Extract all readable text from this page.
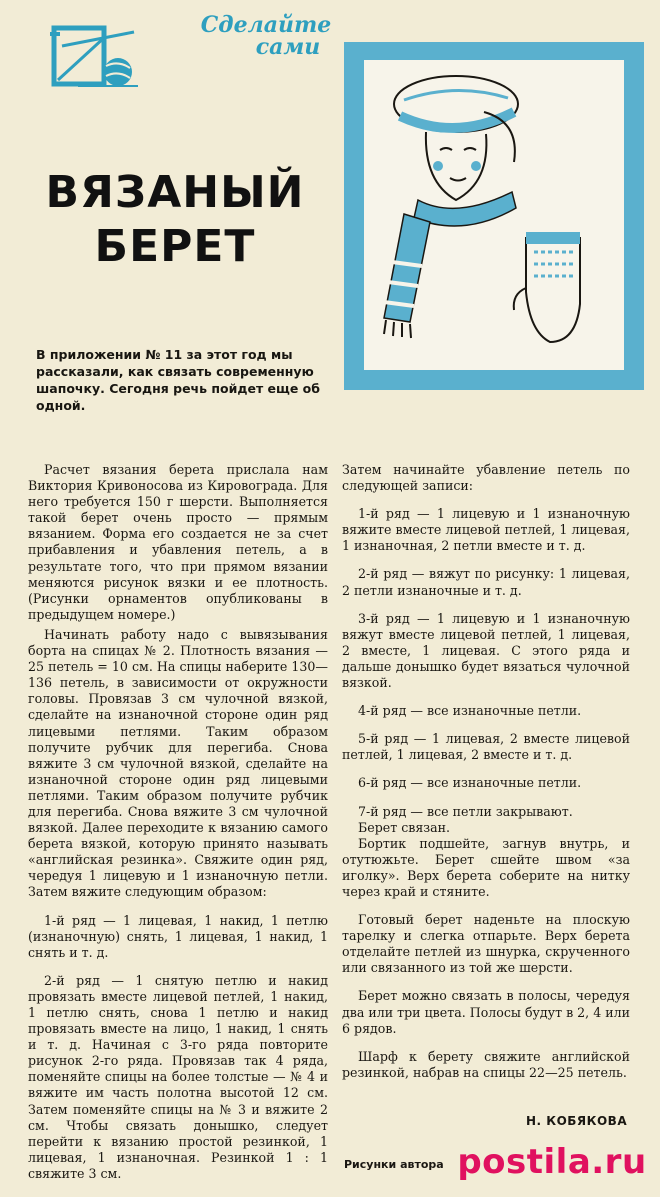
Сделайте
сами
ВЯЗАНЫЙ
БЕРЕТ
В приложении № 11 за этот год мы рассказали, как связать современную шапочку. Сегодня речь пойдет еще об одной.

Расчет вязания берета прислала нам Виктория Кривоносова из Кировограда. Для него требуется 150 г шерсти. Выполняется такой берет очень просто — прямым вязанием. Форма его создается не за счет прибавления и убавления петель, а в результате того, что при прямом вязании меняются рисунок вязки и ее плотность. (Рисунки орнаментов опубликованы в предыдущем номере.)

Начинать работу надо с вывязывания борта на спицах № 2. Плотность вязания — 25 петель = 10 см. На спицы наберите 130—136 петель, в зависимости от окружности головы. Провязав 3 см чулочной вязкой, сделайте на изнаночной стороне один ряд лицевыми петлями. Таким образом получите рубчик для перегиба. Снова вяжите 3 см чулочной вязкой, сделайте на изнаночной стороне один ряд лицевыми петлями. Таким образом получите рубчик для перегиба. Снова вяжите 3 см чулочной вязкой. Далее переходите к вязанию самого берета вязкой, которую принято называть «английская резинка». Свяжите один ряд, чередуя 1 лицевую и 1 изнаночную петли. Затем вяжите следующим образом:

1-й ряд — 1 лицевая, 1 накид, 1 петлю (изнаночную) снять, 1 лицевая, 1 накид, 1 снять и т. д.

2-й ряд — 1 снятую петлю и накид провязать вместе лицевой петлей, 1 накид, 1 петлю снять, снова 1 петлю и накид провязать вместе на лицо, 1 накид, 1 снять и т. д. Начиная с 3-го ряда повторите рисунок 2-го ряда. Провязав так 4 ряда, поменяйте спицы на более толстые — № 4 и вяжите им часть полотна высотой 12 см. Затем поменяйте спицы на № 3 и вяжите 2 см. Чтобы связать донышко, следует перейти к вязанию простой резинкой, 1 лицевая, 1 изнаночная. Резинкой 1 : 1 свяжите 3 см.

Затем начинайте убавление петель по следующей записи:

1-й ряд — 1 лицевую и 1 изнаночную вяжите вместе лицевой петлей, 1 лицевая, 1 изнаночная, 2 петли вместе и т. д.

2-й ряд — вяжут по рисунку: 1 лицевая, 2 петли изнаночные и т. д.

3-й ряд — 1 лицевую и 1 изнаночную вяжут вместе лицевой петлей, 1 лицевая, 2 вместе, 1 лицевая. С этого ряда и дальше донышко будет вязаться чулочной вязкой.

4-й ряд — все изнаночные петли.

5-й ряд — 1 лицевая, 2 вместе лицевой петлей, 1 лицевая, 2 вместе и т. д.

6-й ряд — все изнаночные петли.

7-й ряд — все петли закрывают.

Берет связан.

Бортик подшейте, загнув внутрь, и отутюжьте. Берет сшейте швом «за иголку». Верх берета соберите на нитку через край и стяните.

Готовый берет наденьте на плоскую тарелку и слегка отпарьте. Верх берета отделайте петлей из шнурка, скрученного или связанного из той же шерсти.

Берет можно связать в полосы, чередуя два или три цвета. Полосы будут в 2, 4 или 6 рядов.

Шарф к берету свяжите английской резинкой, набрав на спицы 22—25 петель.

Н. КОБЯКОВА
Рисунки автора postila.ru
